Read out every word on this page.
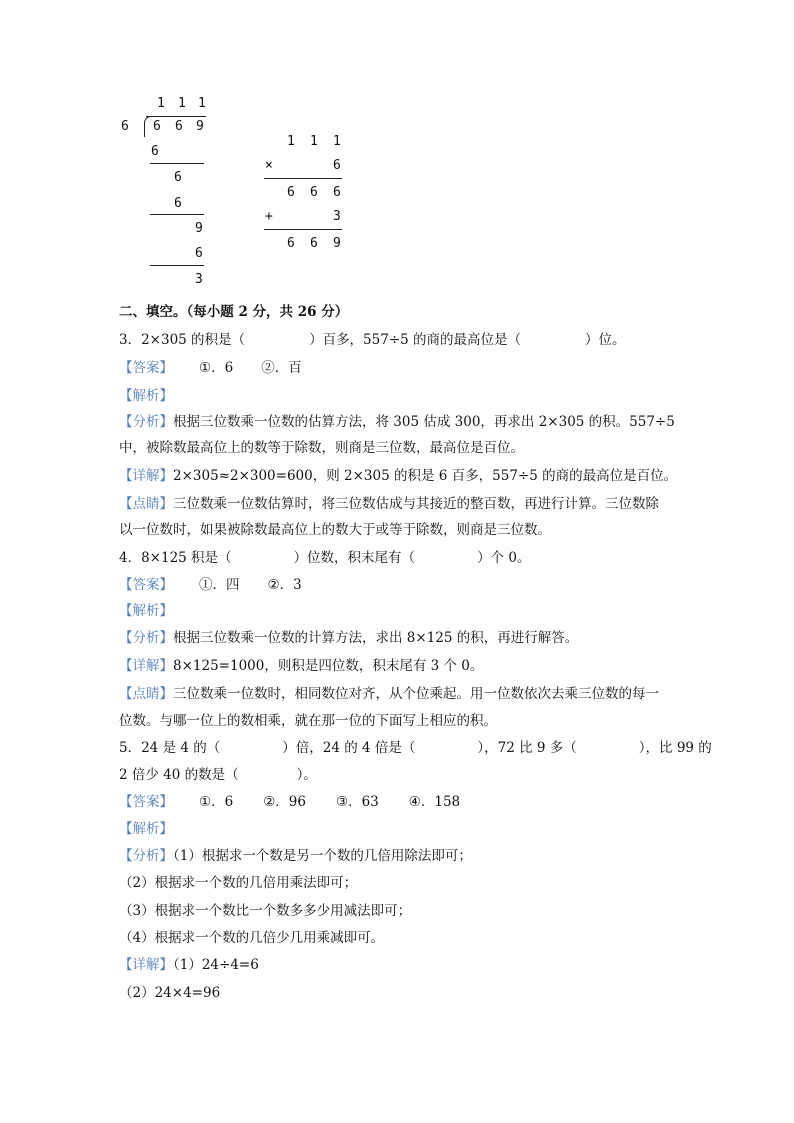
1 1 1
6 6 6 9
6
6
6
9
6
3
1 1 1
×	6
6 6 6
+	3
6 6 9
二、填空。（每小题 2 分，共 26 分）
3．2×305 的积是（	）百多，557÷5 的商的最高位是（	）位。
【答案】 ①．6 ②．百
【解析】
【分析】根据三位数乘一位数的估算方法，将 305 估成 300，再求出 2×305 的积。557÷5
中，被除数最高位上的数等于除数，则商是三位数，最高位是百位。
【详解】2×305≈2×300=600，则 2×305 的积是 6 百多，557÷5 的商的最高位是百位。
【点睛】三位数乘一位数估算时，将三位数估成与其接近的整百数，再进行计算。三位数除
以一位数时，如果被除数最高位上的数大于或等于除数，则商是三位数。
4．8×125 积是（	）位数，积末尾有（	）个 0。
【答案】 ①．四 ②．3
【解析】
【分析】根据三位数乘一位数的计算方法，求出 8×125 的积，再进行解答。
【详解】8×125=1000，则积是四位数，积末尾有 3 个 0。
【点睛】三位数乘一位数时，相同数位对齐，从个位乘起。用一位数依次去乘三位数的每一
位数。与哪一位上的数相乘，就在那一位的下面写上相应的积。
5．24 是 4 的（	）倍，24 的 4 倍是（	），72 比 9 多（	），比 99 的
2 倍少 40 的数是（	）。
【答案】 ①．6 ②．96 ③．63 ④．158
【解析】
【分析】（1）根据求一个数是另一个数的几倍用除法即可；
（2）根据求一个数的几倍用乘法即可；
（3）根据求一个数比一个数多多少用减法即可；
（4）根据求一个数的几倍少几用乘减即可。
【详解】（1）24÷4=6
（2）24×4=96
